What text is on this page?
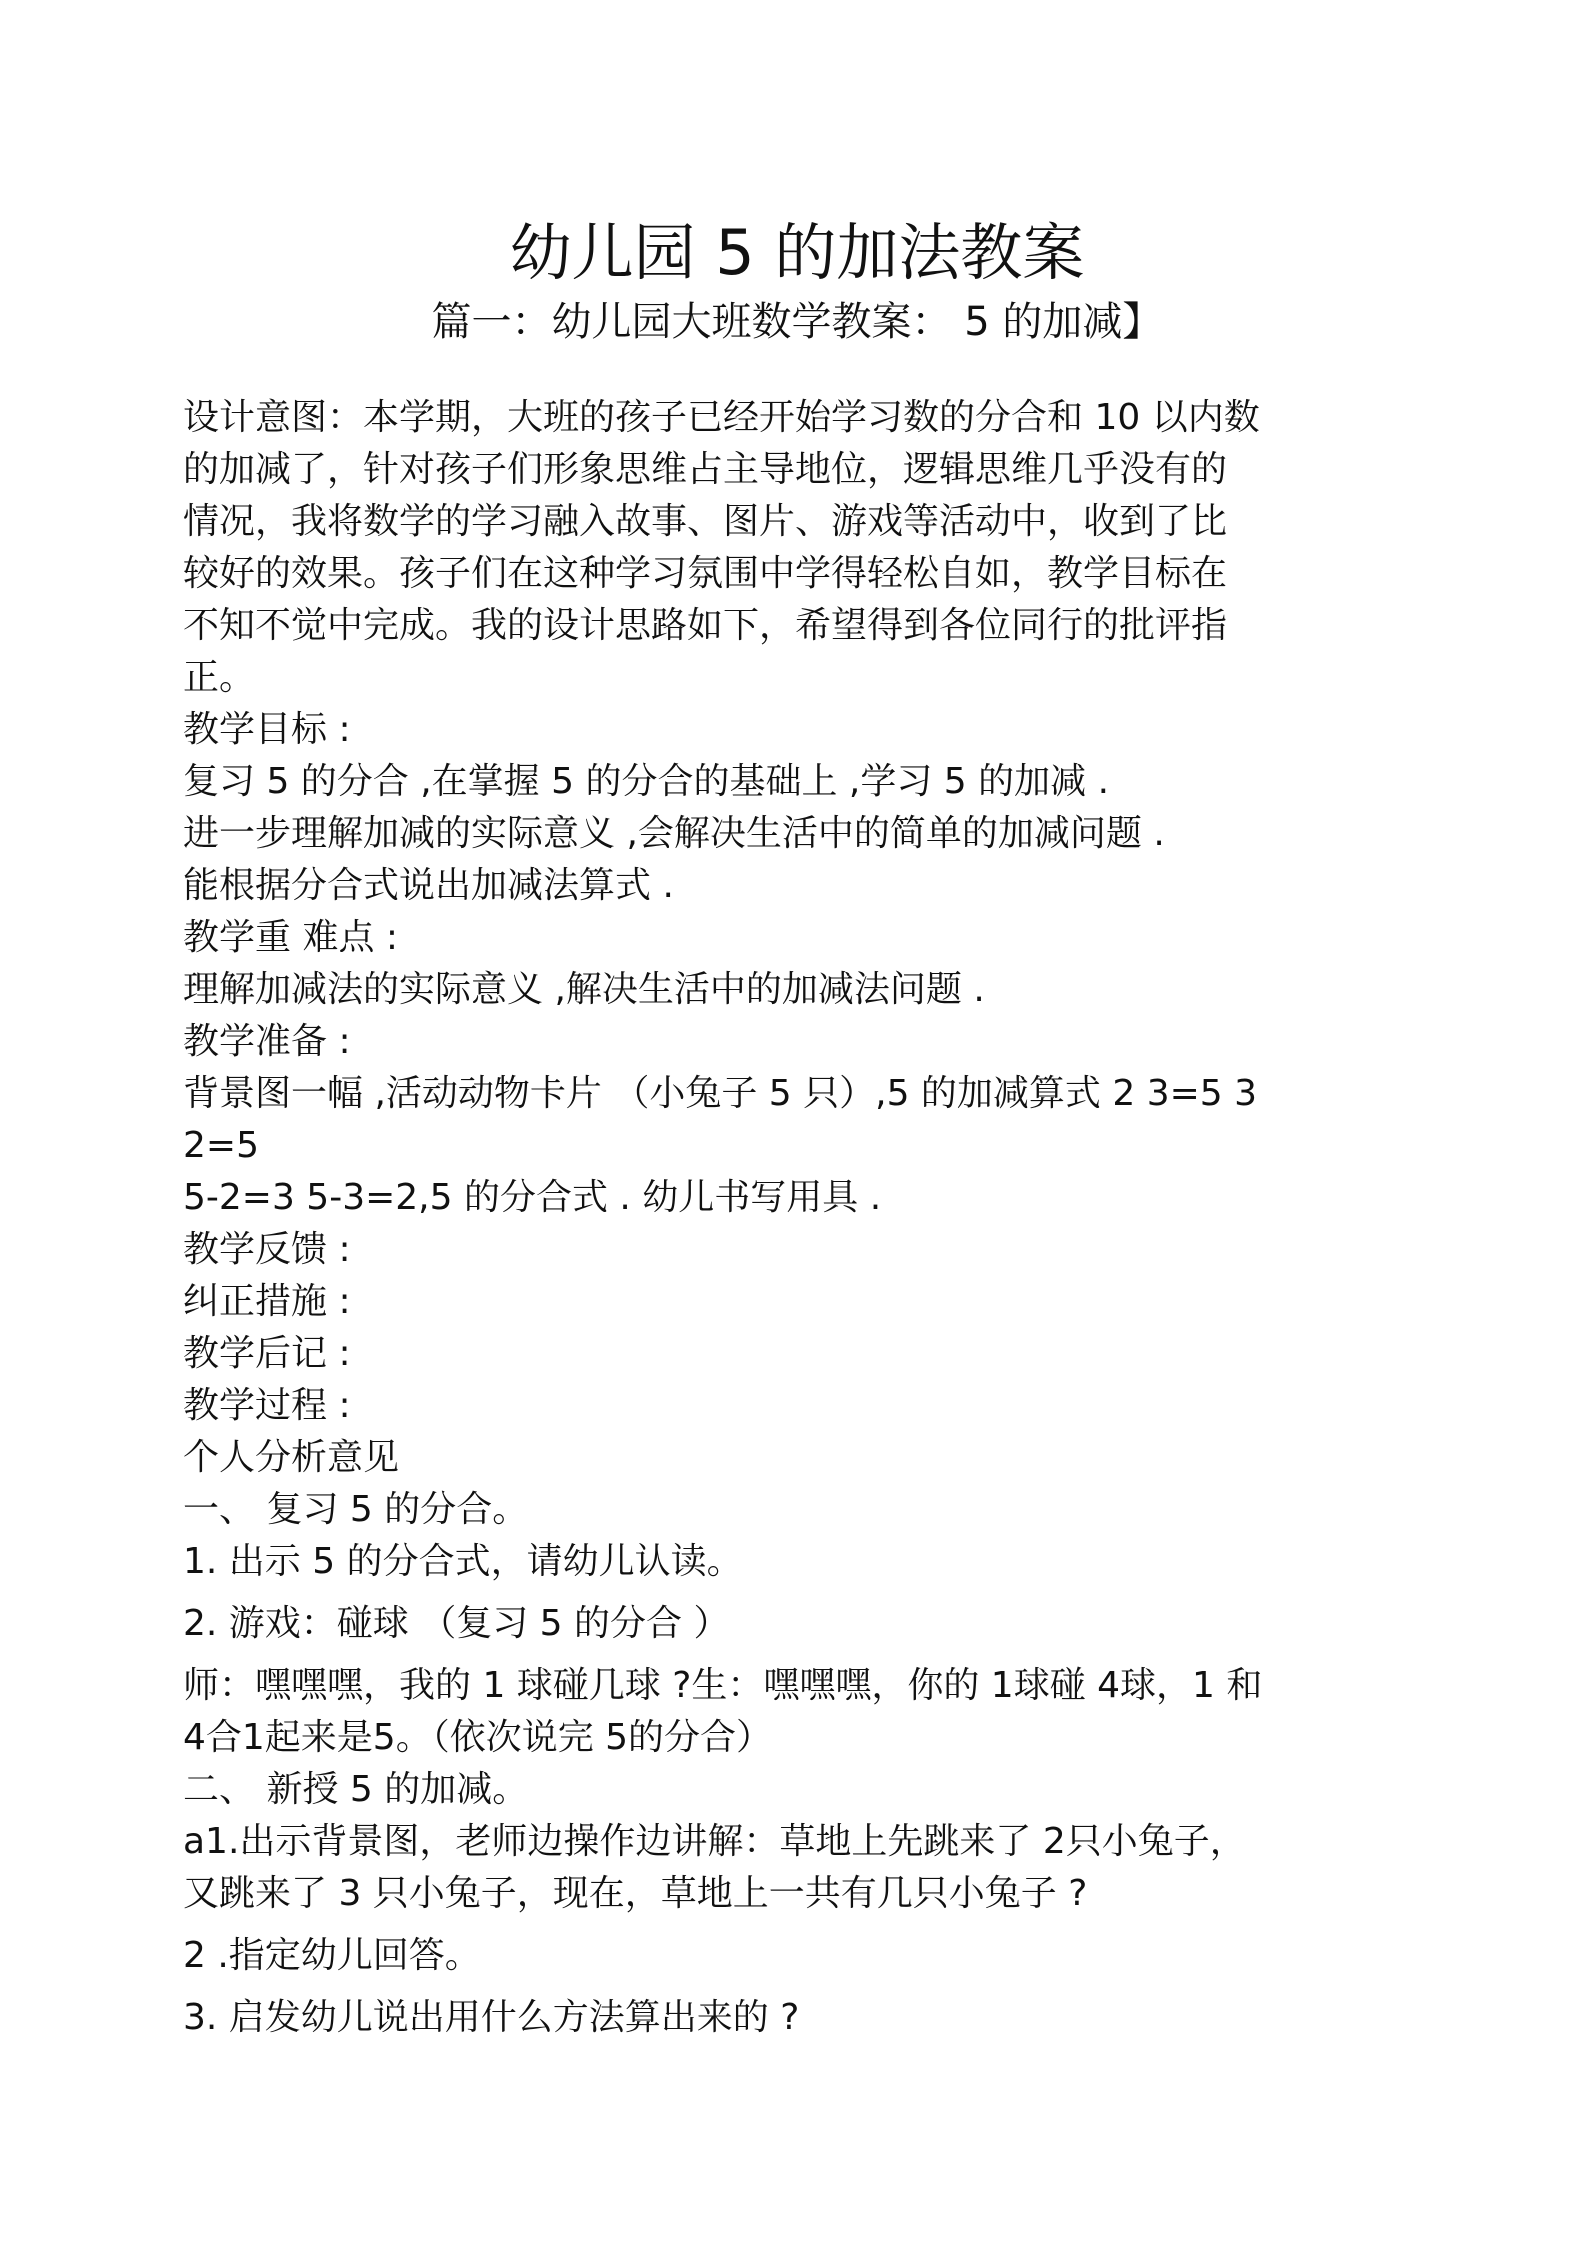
幼儿园 5 的加法教案
篇一：幼儿园大班数学教案： 5 的加减】

设计意图：本学期，大班的孩子已经开始学习数的分合和 10 以内数

的加减了，针对孩子们形象思维占主导地位，逻辑思维几乎没有的

情况，我将数学的学习融入故事、图片、游戏等活动中，收到了比

较好的效果。孩子们在这种学习氛围中学得轻松自如，教学目标在

不知不觉中完成。我的设计思路如下，希望得到各位同行的批评指

正。

教学目标 :

复习 5 的分合 ,在掌握 5 的分合的基础上 ,学习 5 的加减 .

进一步理解加减的实际意义 ,会解决生活中的简单的加减问题 .

能根据分合式说出加减法算式 .

教学重 难点 :

理解加减法的实际意义 ,解决生活中的加减法问题 .

教学准备 :

背景图一幅 ,活动动物卡片 （小兔子 5 只）,5 的加减算式 2 3=5 3

2=5

5-2=3 5-3=2,5 的分合式 . 幼儿书写用具 .

教学反馈 :

纠正措施 :

教学后记 :

教学过程 :

个人分析意见

一、 复习 5 的分合。

1. 出示 5 的分合式，请幼儿认读。

2. 游戏：碰球 （复习 5 的分合 ）

师：嘿嘿嘿，我的 1 球碰几球 ?生：嘿嘿嘿，你的 1球碰 4球，1 和

4合1起来是5。（依次说完 5的分合）

二、 新授 5 的加减。

a1.出示背景图，老师边操作边讲解：草地上先跳来了 2只小兔子，

又跳来了 3 只小兔子，现在，草地上一共有几只小兔子 ?

2 .指定幼儿回答。

3. 启发幼儿说出用什么方法算出来的 ?
